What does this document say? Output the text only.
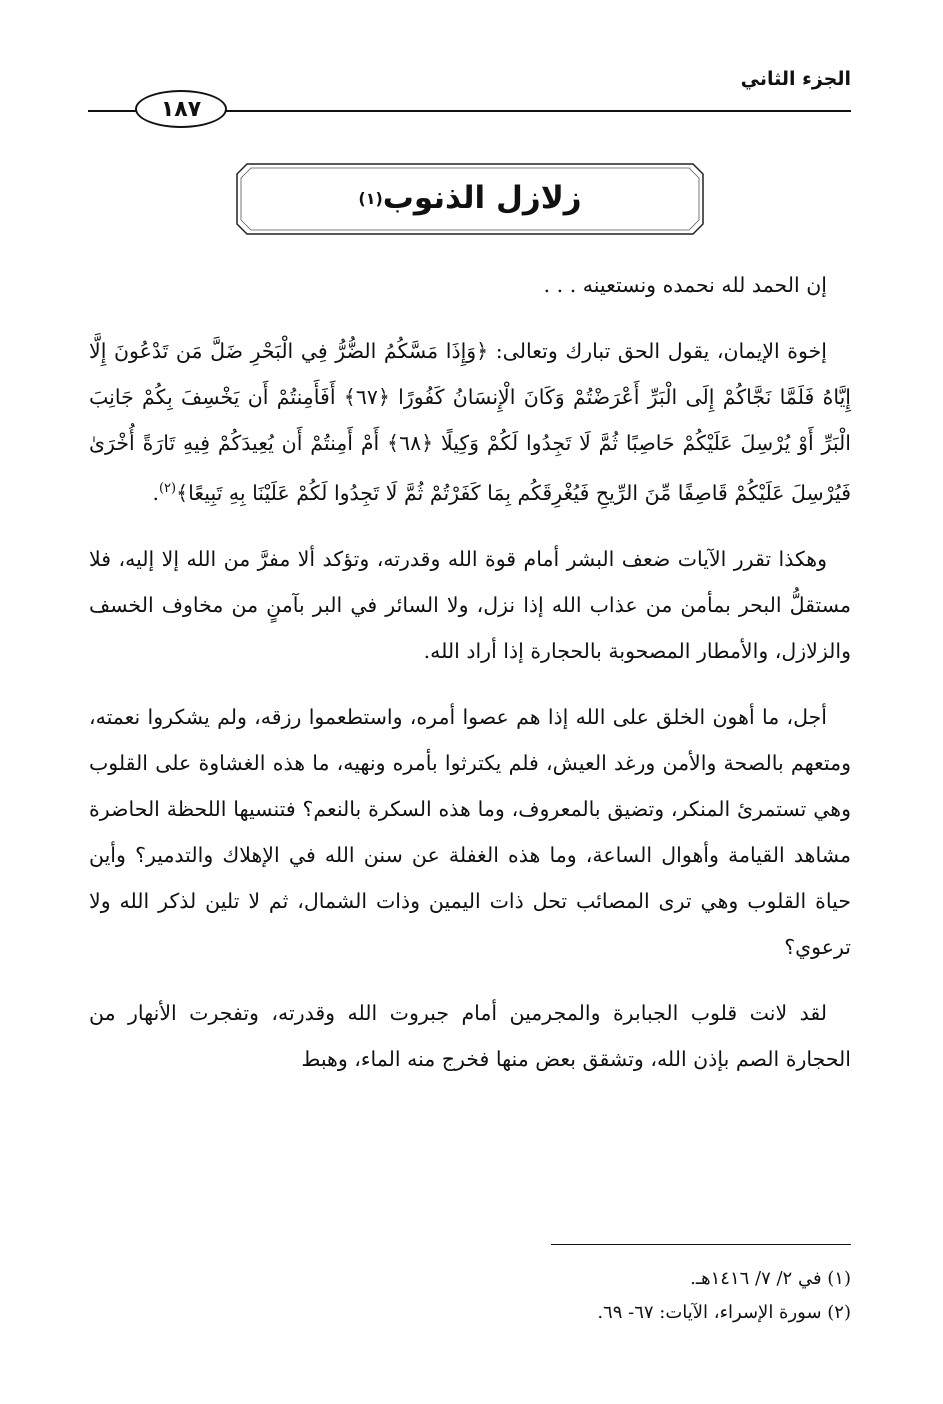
الجزء الثاني
١٨٧
زلازل الذنوب
(١)

إن الحمد لله نحمده ونستعينه . . .

إخوة الإيمان، يقول الحق تبارك وتعالى: ﴿وَإِذَا مَسَّكُمُ الضُّرُّ فِي الْبَحْرِ ضَلَّ مَن تَدْعُونَ إِلَّا إِيَّاهُ فَلَمَّا نَجَّاكُمْ إِلَى الْبَرِّ أَعْرَضْتُمْ وَكَانَ الْإِنسَانُ كَفُورًا ﴿٦٧﴾ أَفَأَمِنتُمْ أَن يَخْسِفَ بِكُمْ جَانِبَ الْبَرِّ أَوْ يُرْسِلَ عَلَيْكُمْ حَاصِبًا ثُمَّ لَا تَجِدُوا لَكُمْ وَكِيلًا ﴿٦٨﴾ أَمْ أَمِنتُمْ أَن يُعِيدَكُمْ فِيهِ تَارَةً أُخْرَىٰ فَيُرْسِلَ عَلَيْكُمْ قَاصِفًا مِّنَ الرِّيحِ فَيُغْرِقَكُم بِمَا كَفَرْتُمْ ثُمَّ لَا تَجِدُوا لَكُمْ عَلَيْنَا بِهِ تَبِيعًا﴾$^{(٢)}$.

وهكذا تقرر الآيات ضعف البشر أمام قوة الله وقدرته، وتؤكد ألا مفرَّ من الله إلا إليه، فلا مستقلُّ البحر بمأمن من عذاب الله إذا نزل، ولا السائر في البر بآمنٍ من مخاوف الخسف والزلازل، والأمطار المصحوبة بالحجارة إذا أراد الله.

أجل، ما أهون الخلق على الله إذا هم عصوا أمره، واستطعموا رزقه، ولم يشكروا نعمته، ومتعهم بالصحة والأمن ورغد العيش، فلم يكترثوا بأمره ونهيه، ما هذه الغشاوة على القلوب وهي تستمرئ المنكر، وتضيق بالمعروف، وما هذه السكرة بالنعم؟ فتنسيها اللحظة الحاضرة مشاهد القيامة وأهوال الساعة، وما هذه الغفلة عن سنن الله في الإهلاك والتدمير؟ وأين حياة القلوب وهي ترى المصائب تحل ذات اليمين وذات الشمال، ثم لا تلين لذكر الله ولا ترعوي؟

لقد لانت قلوب الجبابرة والمجرمين أمام جبروت الله وقدرته، وتفجرت الأنهار من الحجارة الصم بإذن الله، وتشقق بعض منها فخرج منه الماء، وهبط

(١) في ٢/ ٧/ ١٤١٦هـ.
(٢) سورة الإسراء، الآيات: ٦٧- ٦٩.
